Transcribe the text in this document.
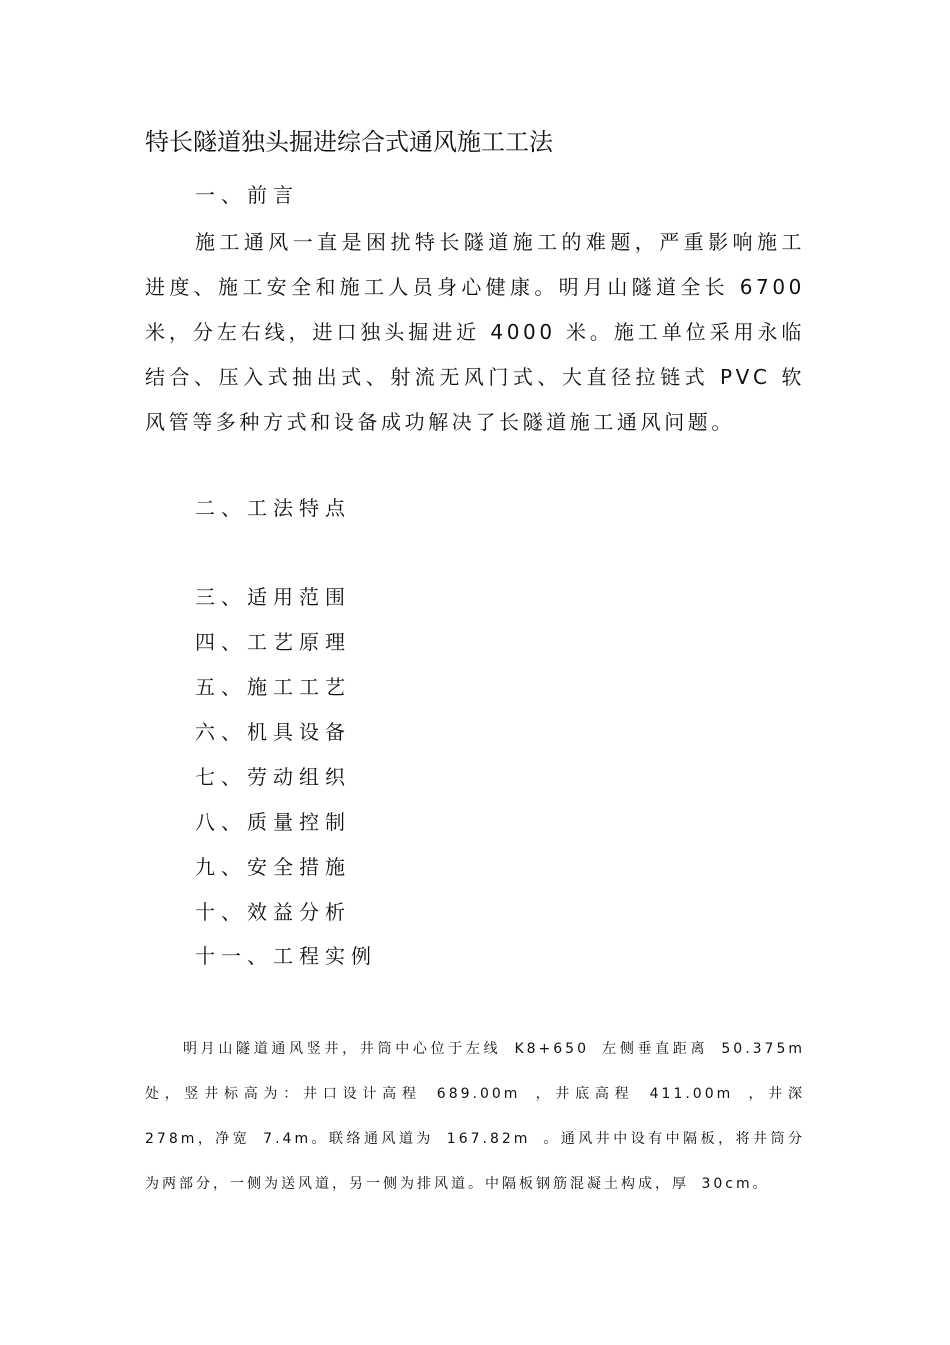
特长隧道独头掘进综合式通风施工工法
一、前言

施工通风一直是困扰特长隧道施工的难题，严重影响施工进度、施工安全和施工人员身心健康。明月山隧道全长 6700 米，分左右线，进口独头掘进近 4000 米。施工单位采用永临结合、压入式抽出式、射流无风门式、大直径拉链式 PVC 软风管等多种方式和设备成功解决了长隧道施工通风问题。

二、工法特点
三、适用范围
四、工艺原理
五、施工工艺
六、机具设备
七、劳动组织
八、质量控制
九、安全措施
十、效益分析
十一、工程实例

明月山隧道通风竖井，井筒中心位于左线 K8+650 左侧垂直距离 50.375m 处，竖井标高为：井口设计高程 689.00m ，井底高程 411.00m ，井深 278m，净宽 7.4m。联络通风道为 167.82m 。通风井中设有中隔板，将井筒分为两部分，一侧为送风道，另一侧为排风道。中隔板钢筋混凝土构成，厚 30cm。
